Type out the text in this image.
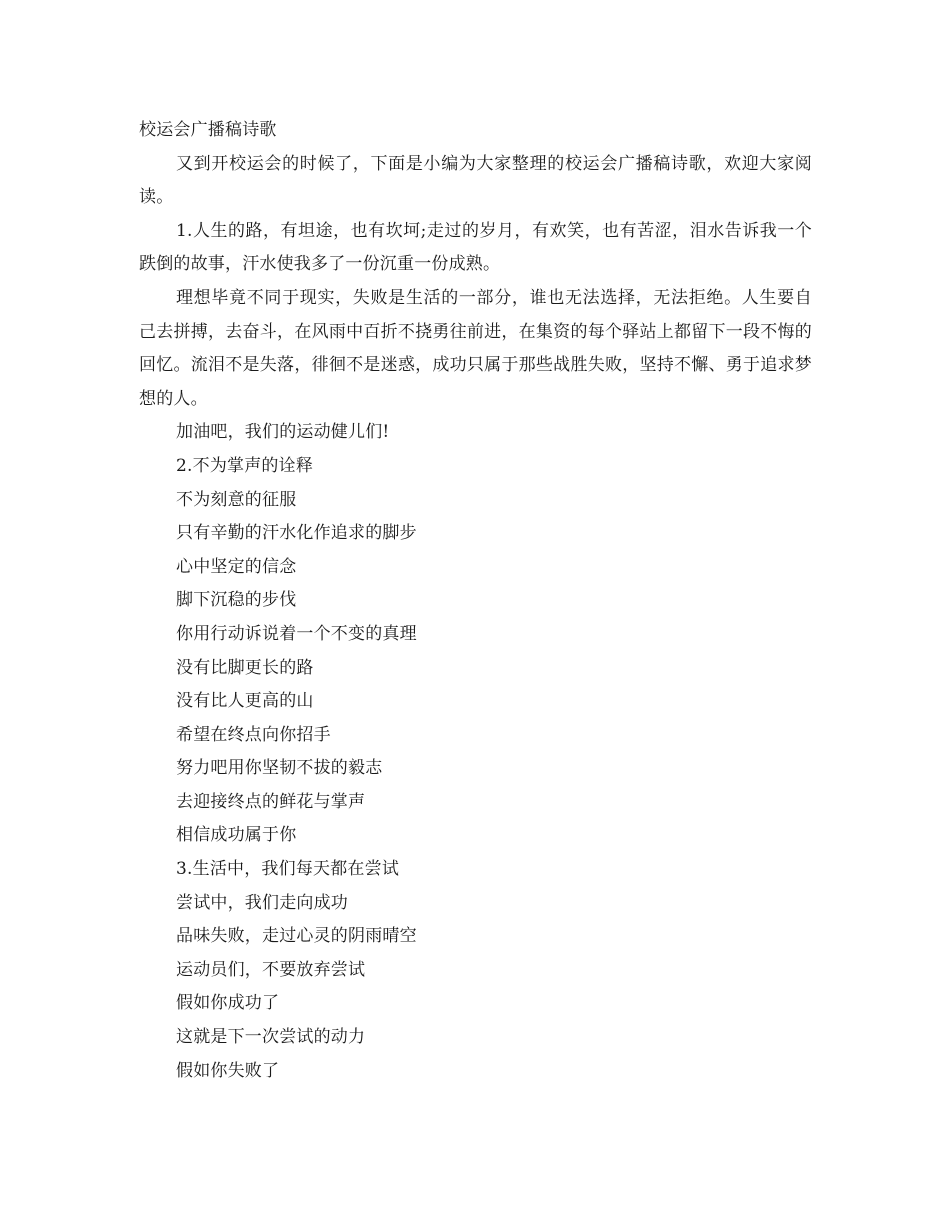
校运会广播稿诗歌

又到开校运会的时候了，下面是小编为大家整理的校运会广播稿诗歌，欢迎大家阅读。

1.人生的路，有坦途，也有坎坷;走过的岁月，有欢笑，也有苦涩，泪水告诉我一个跌倒的故事，汗水使我多了一份沉重一份成熟。

理想毕竟不同于现实，失败是生活的一部分，谁也无法选择，无法拒绝。人生要自己去拼搏，去奋斗，在风雨中百折不挠勇往前进，在集资的每个驿站上都留下一段不悔的回忆。流泪不是失落，徘徊不是迷惑，成功只属于那些战胜失败，坚持不懈、勇于追求梦想的人。

加油吧，我们的运动健儿们!

2.不为掌声的诠释

不为刻意的征服

只有辛勤的汗水化作追求的脚步

心中坚定的信念

脚下沉稳的步伐

你用行动诉说着一个不变的真理

没有比脚更长的路

没有比人更高的山

希望在终点向你招手

努力吧用你坚韧不拔的毅志

去迎接终点的鲜花与掌声

相信成功属于你

3.生活中，我们每天都在尝试

尝试中，我们走向成功

品味失败，走过心灵的阴雨晴空

运动员们，不要放弃尝试

假如你成功了

这就是下一次尝试的动力

假如你失败了
